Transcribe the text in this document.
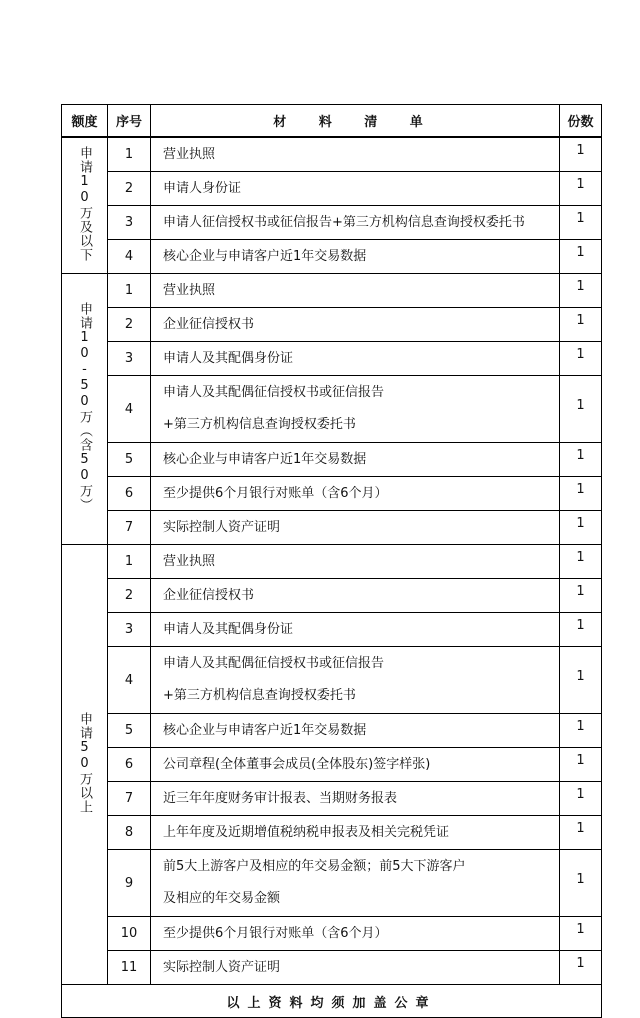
额度	序号	材 料 清 单	份数
申请10万及以下	1	营业执照	1
	2	申请人身份证	1
	3	申请人征信授权书或征信报告+第三方机构信息查询授权委托书	1
	4	核心企业与申请客户近1年交易数据	1
申请10-50万（含50万）	1	营业执照	1
	2	企业征信授权书	1
	3	申请人及其配偶身份证	1
	4	申请人及其配偶征信授权书或征信报告
+第三方机构信息查询授权委托书	1
	5	核心企业与申请客户近1年交易数据	1
	6	至少提供6个月银行对账单（含6个月）	1
	7	实际控制人资产证明	1
申请50万以上	1	营业执照	1
	2	企业征信授权书	1
	3	申请人及其配偶身份证	1
	4	申请人及其配偶征信授权书或征信报告
+第三方机构信息查询授权委托书	1
	5	核心企业与申请客户近1年交易数据	1
	6	公司章程(全体董事会成员(全体股东)签字样张)	1
	7	近三年年度财务审计报表、当期财务报表	1
	8	上年年度及近期增值税纳税申报表及相关完税凭证	1
	9	前5大上游客户及相应的年交易金额；前5大下游客户
及相应的年交易金额	1
	10	至少提供6个月银行对账单（含6个月）	1
	11	实际控制人资产证明	1
以上资料均须加盖公章			
